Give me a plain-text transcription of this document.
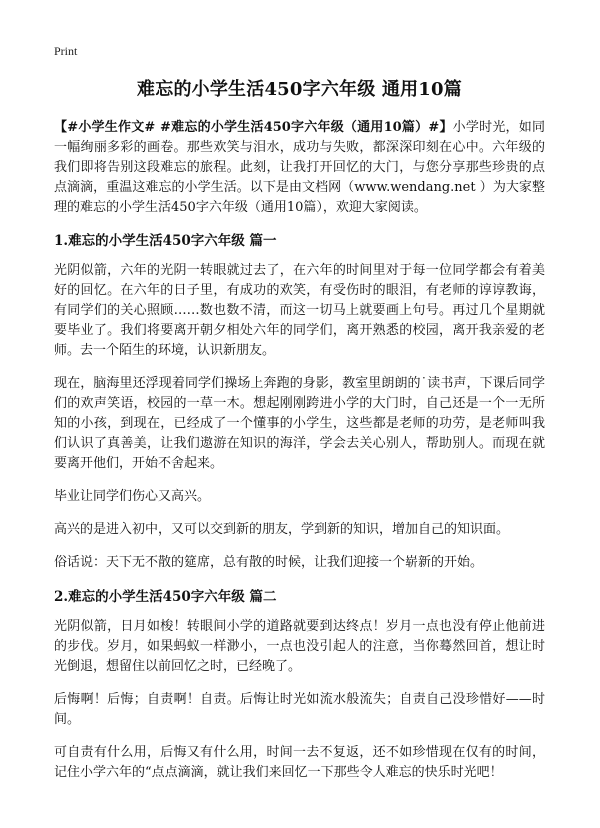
Print
难忘的小学生活450字六年级 通用10篇

【#小学生作文# #难忘的小学生活450字六年级（通用10篇）#】小学时光，如同一幅绚丽多彩的画卷。那些欢笑与泪水，成功与失败，都深深印刻在心中。六年级的我们即将告别这段难忘的旅程。此刻，让我打开回忆的大门，与您分享那些珍贵的点点滴滴，重温这难忘的小学生活。以下是由文档网（www.wendang.net ）为大家整理的难忘的小学生活450字六年级（通用10篇），欢迎大家阅读。

1.难忘的小学生活450字六年级 篇一

光阴似箭，六年的光阴一转眼就过去了，在六年的时间里对于每一位同学都会有着美好的回忆。在六年的日子里，有成功的欢笑，有受伤时的眼泪，有老师的谆谆教诲，有同学们的关心照顾……数也数不清，而这一切马上就要画上句号。再过几个星期就要毕业了。我们将要离开朝夕相处六年的同学们，离开熟悉的校园，离开我亲爱的老师。去一个陌生的环境，认识新朋友。

现在，脑海里还浮现着同学们操场上奔跑的身影，教室里朗朗的˙读书声，下课后同学们的欢声笑语，校园的一草一木。想起刚刚跨进小学的大门时，自己还是一个一无所知的小孩，到现在，已经成了一个懂事的小学生，这些都是老师的功劳，是老师叫我们认识了真善美，让我们遨游在知识的海洋，学会去关心别人，帮助别人。而现在就要离开他们，开始不舍起来。

毕业让同学们伤心又高兴。

高兴的是进入初中，又可以交到新的朋友，学到新的知识，增加自己的知识面。

俗话说：天下无不散的筵席，总有散的时候，让我们迎接一个崭新的开始。

2.难忘的小学生活450字六年级 篇二

光阴似箭，日月如梭！转眼间小学的道路就要到达终点！岁月一点也没有停止他前进的步伐。岁月，如果蚂蚁一样渺小，一点也没引起人的注意，当你蓦然回首，想让时光倒退，想留住以前回忆之时，已经晚了。

后悔啊！后悔；自责啊！自责。后悔让时光如流水般流失；自责自己没珍惜好——时间。

可自责有什么用，后悔又有什么用，时间一去不复返，还不如珍惜现在仅有的时间，记住小学六年的“点点滴滴，就让我们来回忆一下那些令人难忘的快乐时光吧！
